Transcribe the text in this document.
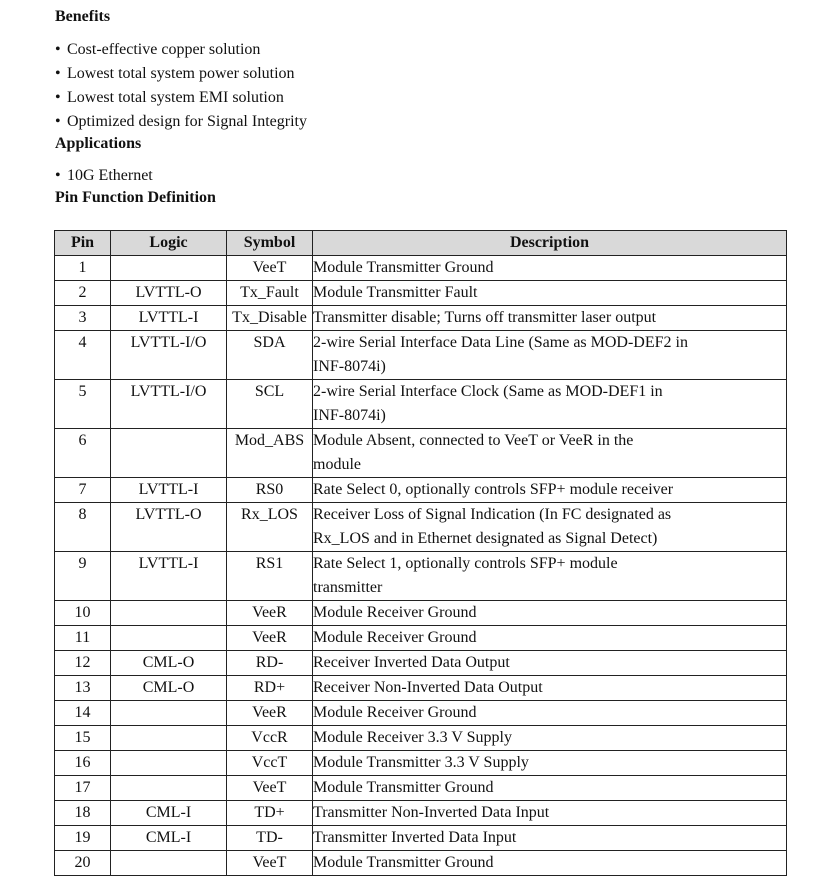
Benefits
• Cost-effective copper solution
• Lowest total system power solution
• Lowest total system EMI solution
• Optimized design for Signal Integrity
Applications
• 10G Ethernet
Pin Function Definition
Pin	Logic	Symbol	Description
1		VeeT	Module Transmitter Ground

2	LVTTL-O	Tx_Fault	Module Transmitter Fault

3	LVTTL-I	Tx_Disable	Transmitter disable; Turns off transmitter laser output

4	LVTTL-I/O	SDA	2-wire Serial Interface Data Line (Same as MOD-DEF2 in
INF-8074i)

5	LVTTL-I/O	SCL	2-wire Serial Interface Clock (Same as MOD-DEF1 in
INF-8074i)

6		Mod_ABS	Module Absent, connected to VeeT or VeeR in the
module

7	LVTTL-I	RS0	Rate Select 0, optionally controls SFP+ module receiver

8	LVTTL-O	Rx_LOS	Receiver Loss of Signal Indication (In FC designated as
Rx_LOS and in Ethernet designated as Signal Detect)

9	LVTTL-I	RS1	Rate Select 1, optionally controls SFP+ module
transmitter

10		VeeR	Module Receiver Ground

11		VeeR	Module Receiver Ground

12	CML-O	RD-	Receiver Inverted Data Output

13	CML-O	RD+	Receiver Non-Inverted Data Output

14		VeeR	Module Receiver Ground

15		VccR	Module Receiver 3.3 V Supply

16		VccT	Module Transmitter 3.3 V Supply

17		VeeT	Module Transmitter Ground

18	CML-I	TD+	Transmitter Non-Inverted Data Input

19	CML-I	TD-	Transmitter Inverted Data Input

20		VeeT	Module Transmitter Ground
